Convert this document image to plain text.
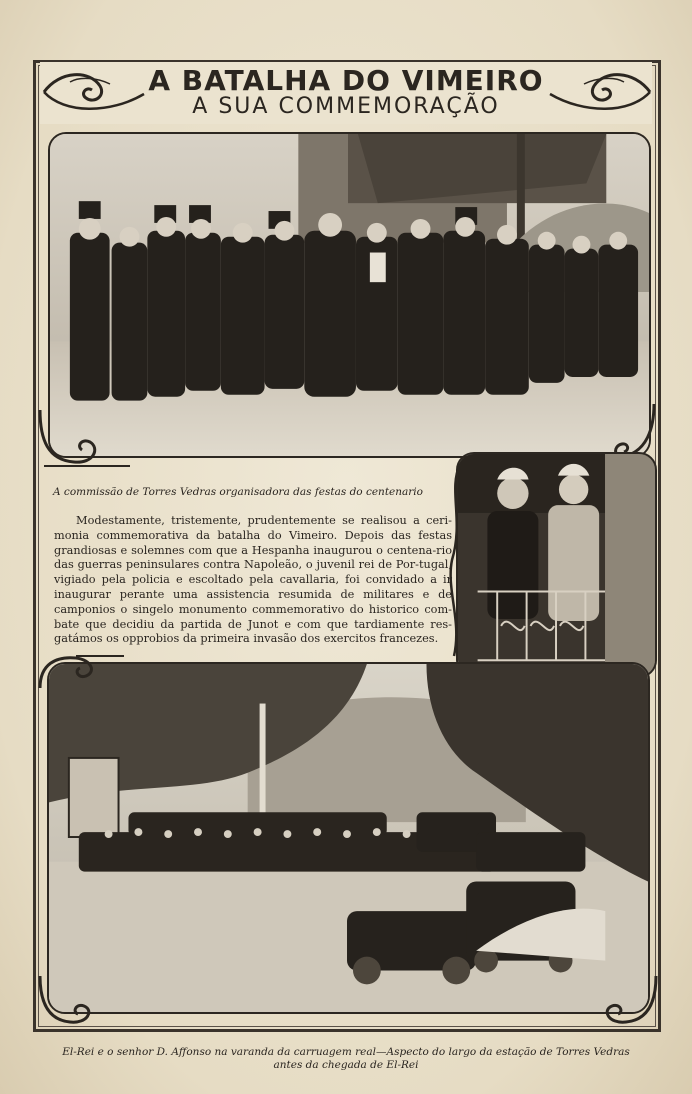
A BATALHA DO VIMEIRO
A SUA COMMEMORAÇÃO
A commissão de Torres Vedras organisadora das festas do centenario
Modestamente, tristemente, prudentemente se realisou a ceri-monia commemorativa da batalha do Vimeiro. Depois das festas grandiosas e solemnes com que a Hespanha inaugurou o centena-rio das guerras peninsulares contra Napoleão, o juvenil rei de Por-tugal, vigiado pela policia e escoltado pela cavallaria, foi convidado a ir inaugurar perante uma assistencia resumida de militares e de camponios o singelo monumento commemorativo do historico com-bate que decidiu da partida de Junot e com que tardiamente res-gatámos os opprobios da primeira invasão dos exercitos francezes.
El-Rei e o senhor D. Affonso na varanda da carruagem real—Aspecto do largo da estação de Torres Vedras
antes da chegada de El-Rei
